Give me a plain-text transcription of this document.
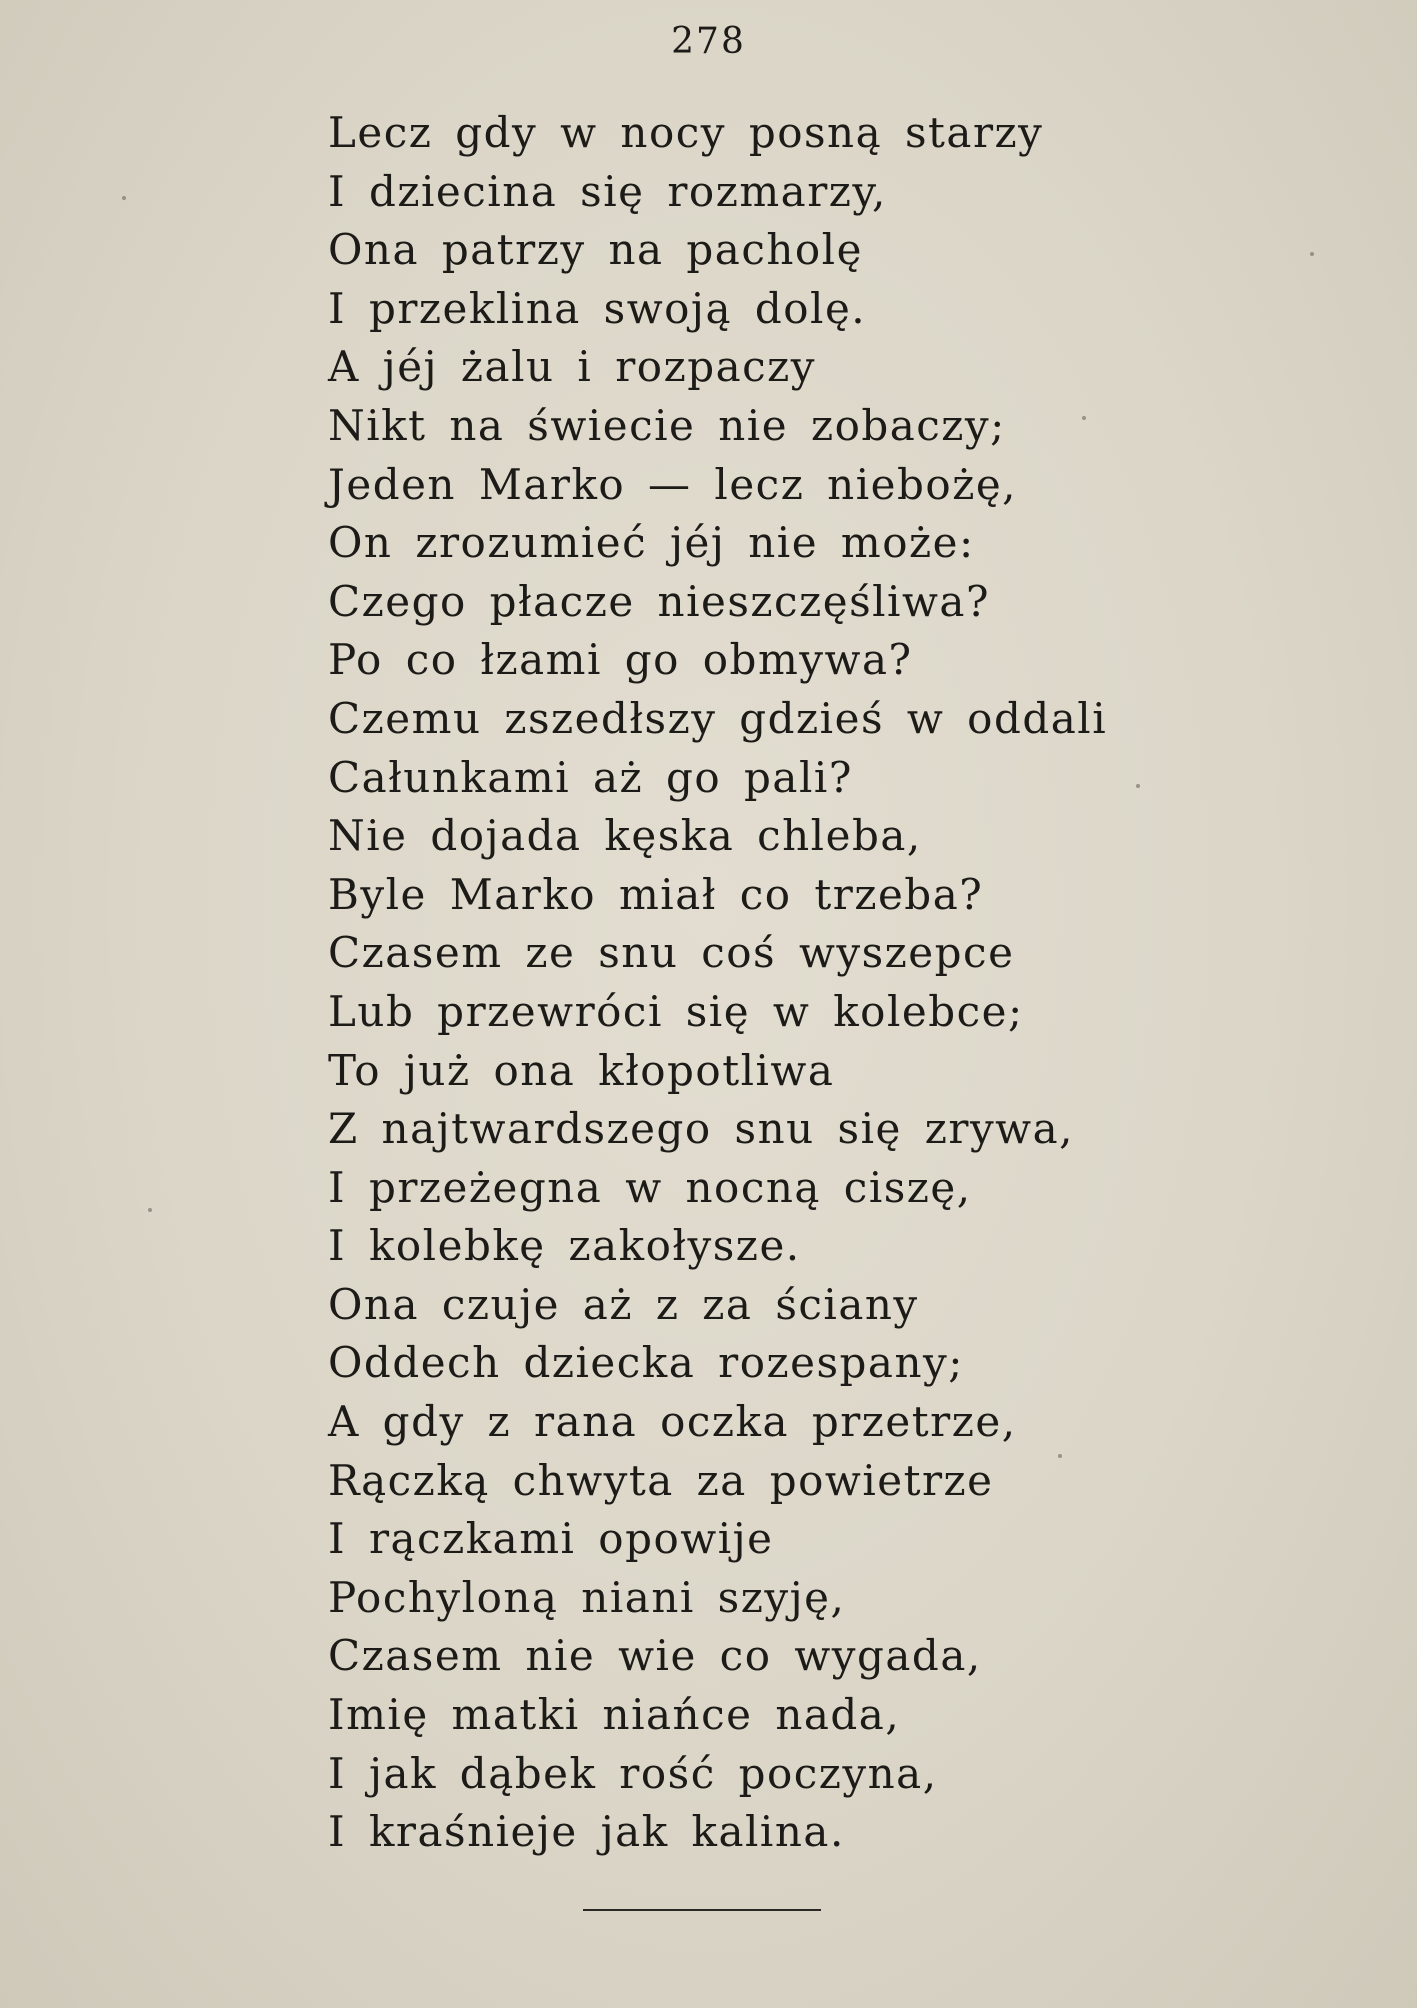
278
Lecz gdy w nocy posną starzy
I dziecina się rozmarzy,
Ona patrzy na pacholę
I przeklina swoją dolę.
A jéj żalu i rozpaczy
Nikt na świecie nie zobaczy;
Jeden Marko — lecz niebożę,
On zrozumieć jéj nie może:
Czego płacze nieszczęśliwa?
Po co łzami go obmywa?
Czemu zszedłszy gdzieś w oddali
Całunkami aż go pali?
Nie dojada kęska chleba,
Byle Marko miał co trzeba?
Czasem ze snu coś wyszepce
Lub przewróci się w kolebce;
To już ona kłopotliwa
Z najtwardszego snu się zrywa,
I przeżegna w nocną ciszę,
I kolebkę zakołysze.
Ona czuje aż z za ściany
Oddech dziecka rozespany;
A gdy z rana oczka przetrze,
Rączką chwyta za powietrze
I rączkami opowije
Pochyloną niani szyję,
Czasem nie wie co wygada,
Imię matki niańce nada,
I jak dąbek rość poczyna,
I kraśnieje jak kalina.
